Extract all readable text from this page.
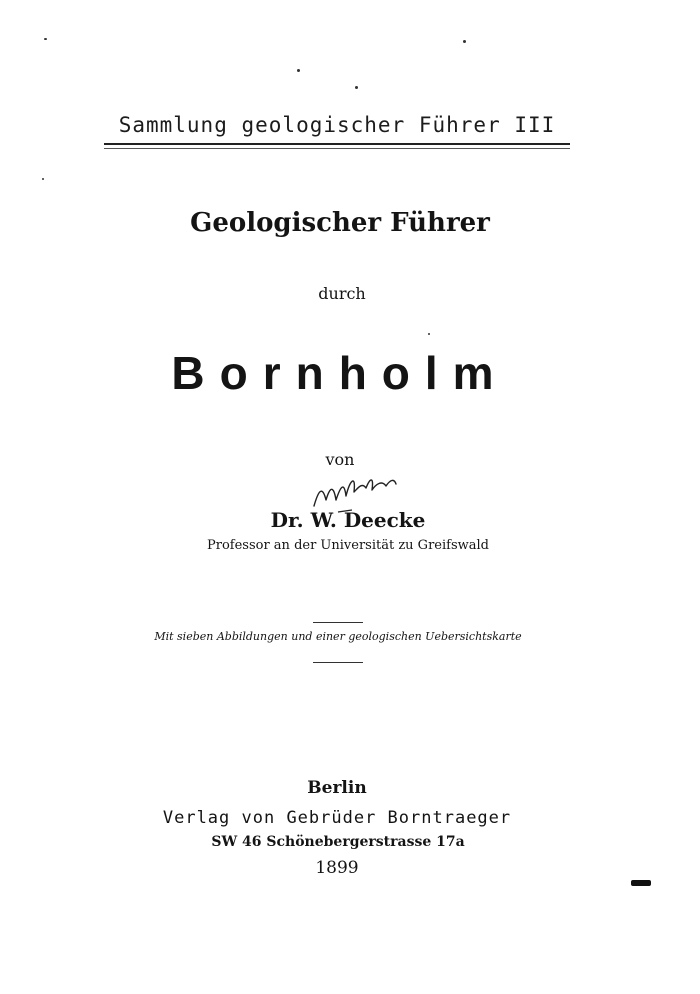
Sammlung geologischer Führer III
Geologischer Führer
durch
Bornholm
von
Dr. W. Deecke
Professor an der Universität zu Greifswald
Mit sieben Abbildungen und einer geologischen Uebersichtskarte
Berlin
Verlag von Gebrüder Borntraeger
SW 46 Schönebergerstrasse 17a
1899
